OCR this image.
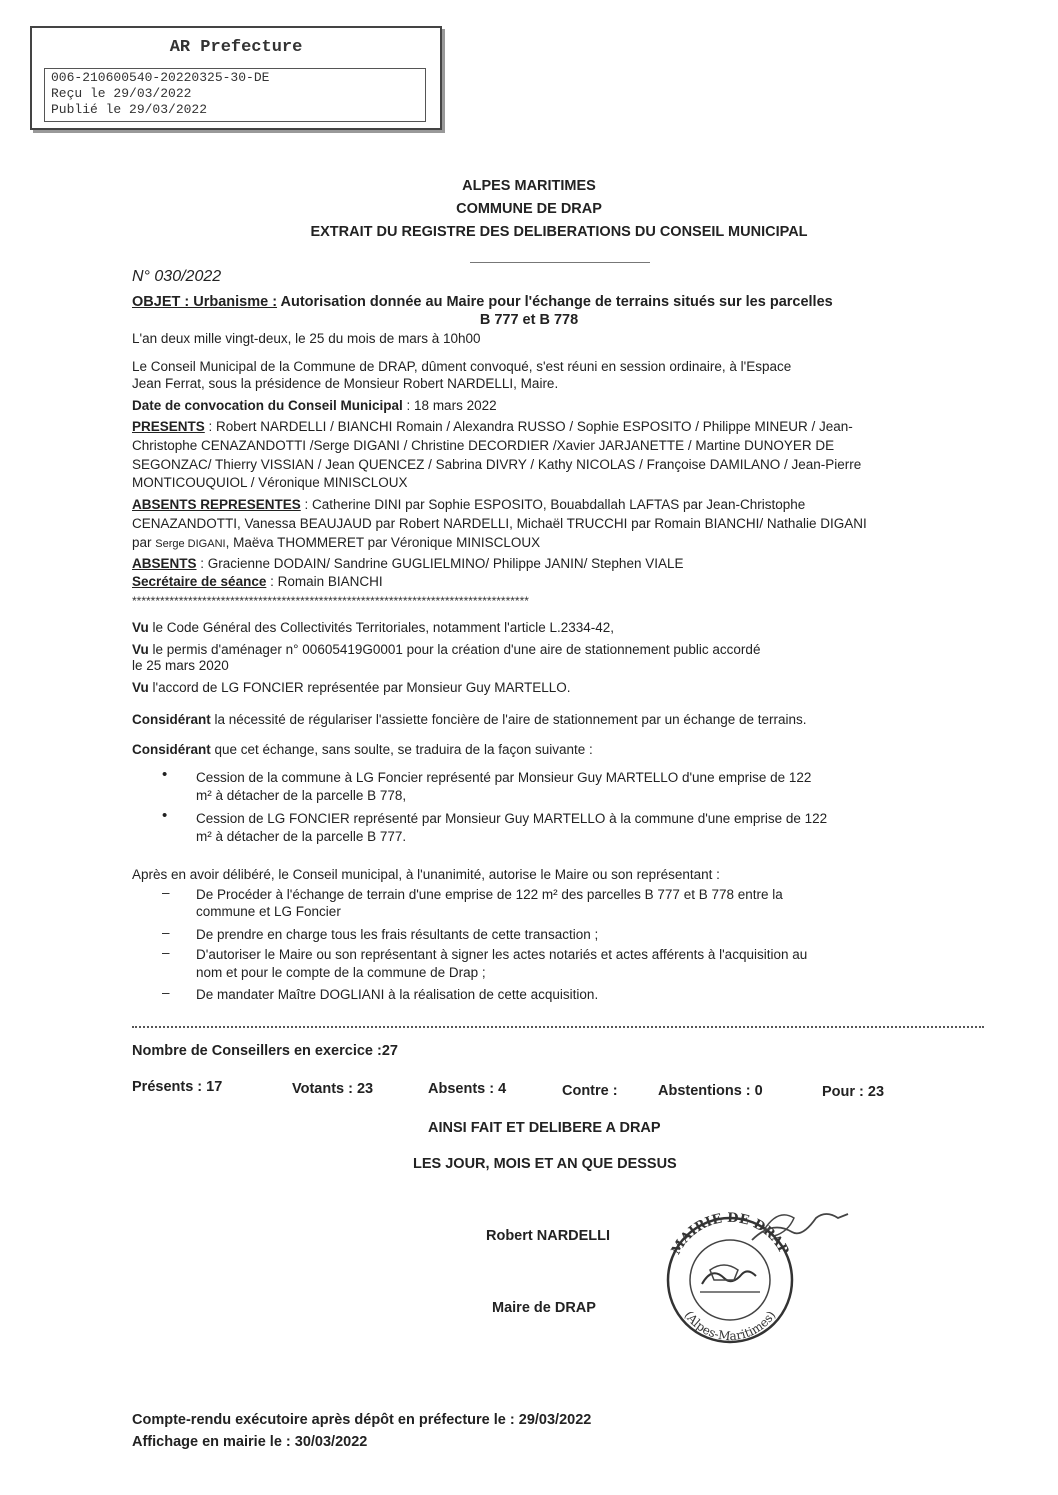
AR Prefecture
006-210600540-20220325-30-DE
Reçu le 29/03/2022
Publié le 29/03/2022
ALPES MARITIMES
COMMUNE DE DRAP
EXTRAIT DU REGISTRE DES DELIBERATIONS DU CONSEIL MUNICIPAL
N° 030/2022
OBJET : Urbanisme : Autorisation donnée au Maire pour l'échange de terrains situés sur les parcelles
B 777 et B 778
L'an deux mille vingt-deux, le 25 du mois de mars à 10h00
Le Conseil Municipal de la Commune de DRAP, dûment convoqué, s'est réuni en session ordinaire, à l'Espace
Jean Ferrat, sous la présidence de Monsieur Robert NARDELLI, Maire.
Date de convocation du Conseil Municipal : 18 mars 2022
PRESENTS : Robert NARDELLI / BIANCHI Romain / Alexandra RUSSO / Sophie ESPOSITO / Philippe MINEUR / Jean-
Christophe CENAZANDOTTI /Serge DIGANI / Christine DECORDIER /Xavier JARJANETTE / Martine DUNOYER DE
SEGONZAC/ Thierry VISSIAN / Jean QUENCEZ / Sabrina DIVRY / Kathy NICOLAS / Françoise DAMILANO / Jean-Pierre
MONTICOUQUIOL / Véronique MINISCLOUX
ABSENTS REPRESENTES : Catherine DINI par Sophie ESPOSITO, Bouabdallah LAFTAS par Jean-Christophe
CENAZANDOTTI, Vanessa BEAUJAUD par Robert NARDELLI, Michaël TRUCCHI par Romain BIANCHI/ Nathalie DIGANI
par Serge DIGANI, Maëva THOMMERET par Véronique MINISCLOUX
ABSENTS : Gracienne DODAIN/ Sandrine GUGLIELMINO/ Philippe JANIN/ Stephen VIALE
Secrétaire de séance : Romain BIANCHI
*************************************************************************************
Vu le Code Général des Collectivités Territoriales, notamment l'article L.2334-42,
Vu le permis d'aménager n° 00605419G0001 pour la création d'une aire de stationnement public accordé
le 25 mars 2020
Vu l'accord de LG FONCIER représentée par Monsieur Guy MARTELLO.
Considérant la nécessité de régulariser l'assiette foncière de l'aire de stationnement par un échange de terrains.
Considérant que cet échange, sans soulte, se traduira de la façon suivante :
• Cession de la commune à LG Foncier représenté par Monsieur Guy MARTELLO d'une emprise de 122
m² à détacher de la parcelle B 778,
• Cession de LG FONCIER représenté par Monsieur Guy MARTELLO à la commune d'une emprise de 122
m² à détacher de la parcelle B 777.
Après en avoir délibéré, le Conseil municipal, à l'unanimité, autorise le Maire ou son représentant :
– De Procéder à l'échange de terrain d'une emprise de 122 m² des parcelles B 777 et B 778 entre la
commune et LG Foncier
– De prendre en charge tous les frais résultants de cette transaction ;
– D'autoriser le Maire ou son représentant à signer les actes notariés et actes afférents à l'acquisition au
nom et pour le compte de la commune de Drap ;
– De mandater Maître DOGLIANI à la réalisation de cette acquisition.
Nombre de Conseillers en exercice :27
Présents : 17	Votants : 23	Absents : 4	Contre :	Abstentions : 0	Pour : 23
AINSI FAIT ET DELIBERE A DRAP
LES JOUR, MOIS ET AN QUE DESSUS
Robert NARDELLI
Maire de DRAP
MAIRIE DE DRAP
(Alpes-Maritimes)
Compte-rendu exécutoire après dépôt en préfecture le : 29/03/2022
Affichage en mairie le : 30/03/2022
